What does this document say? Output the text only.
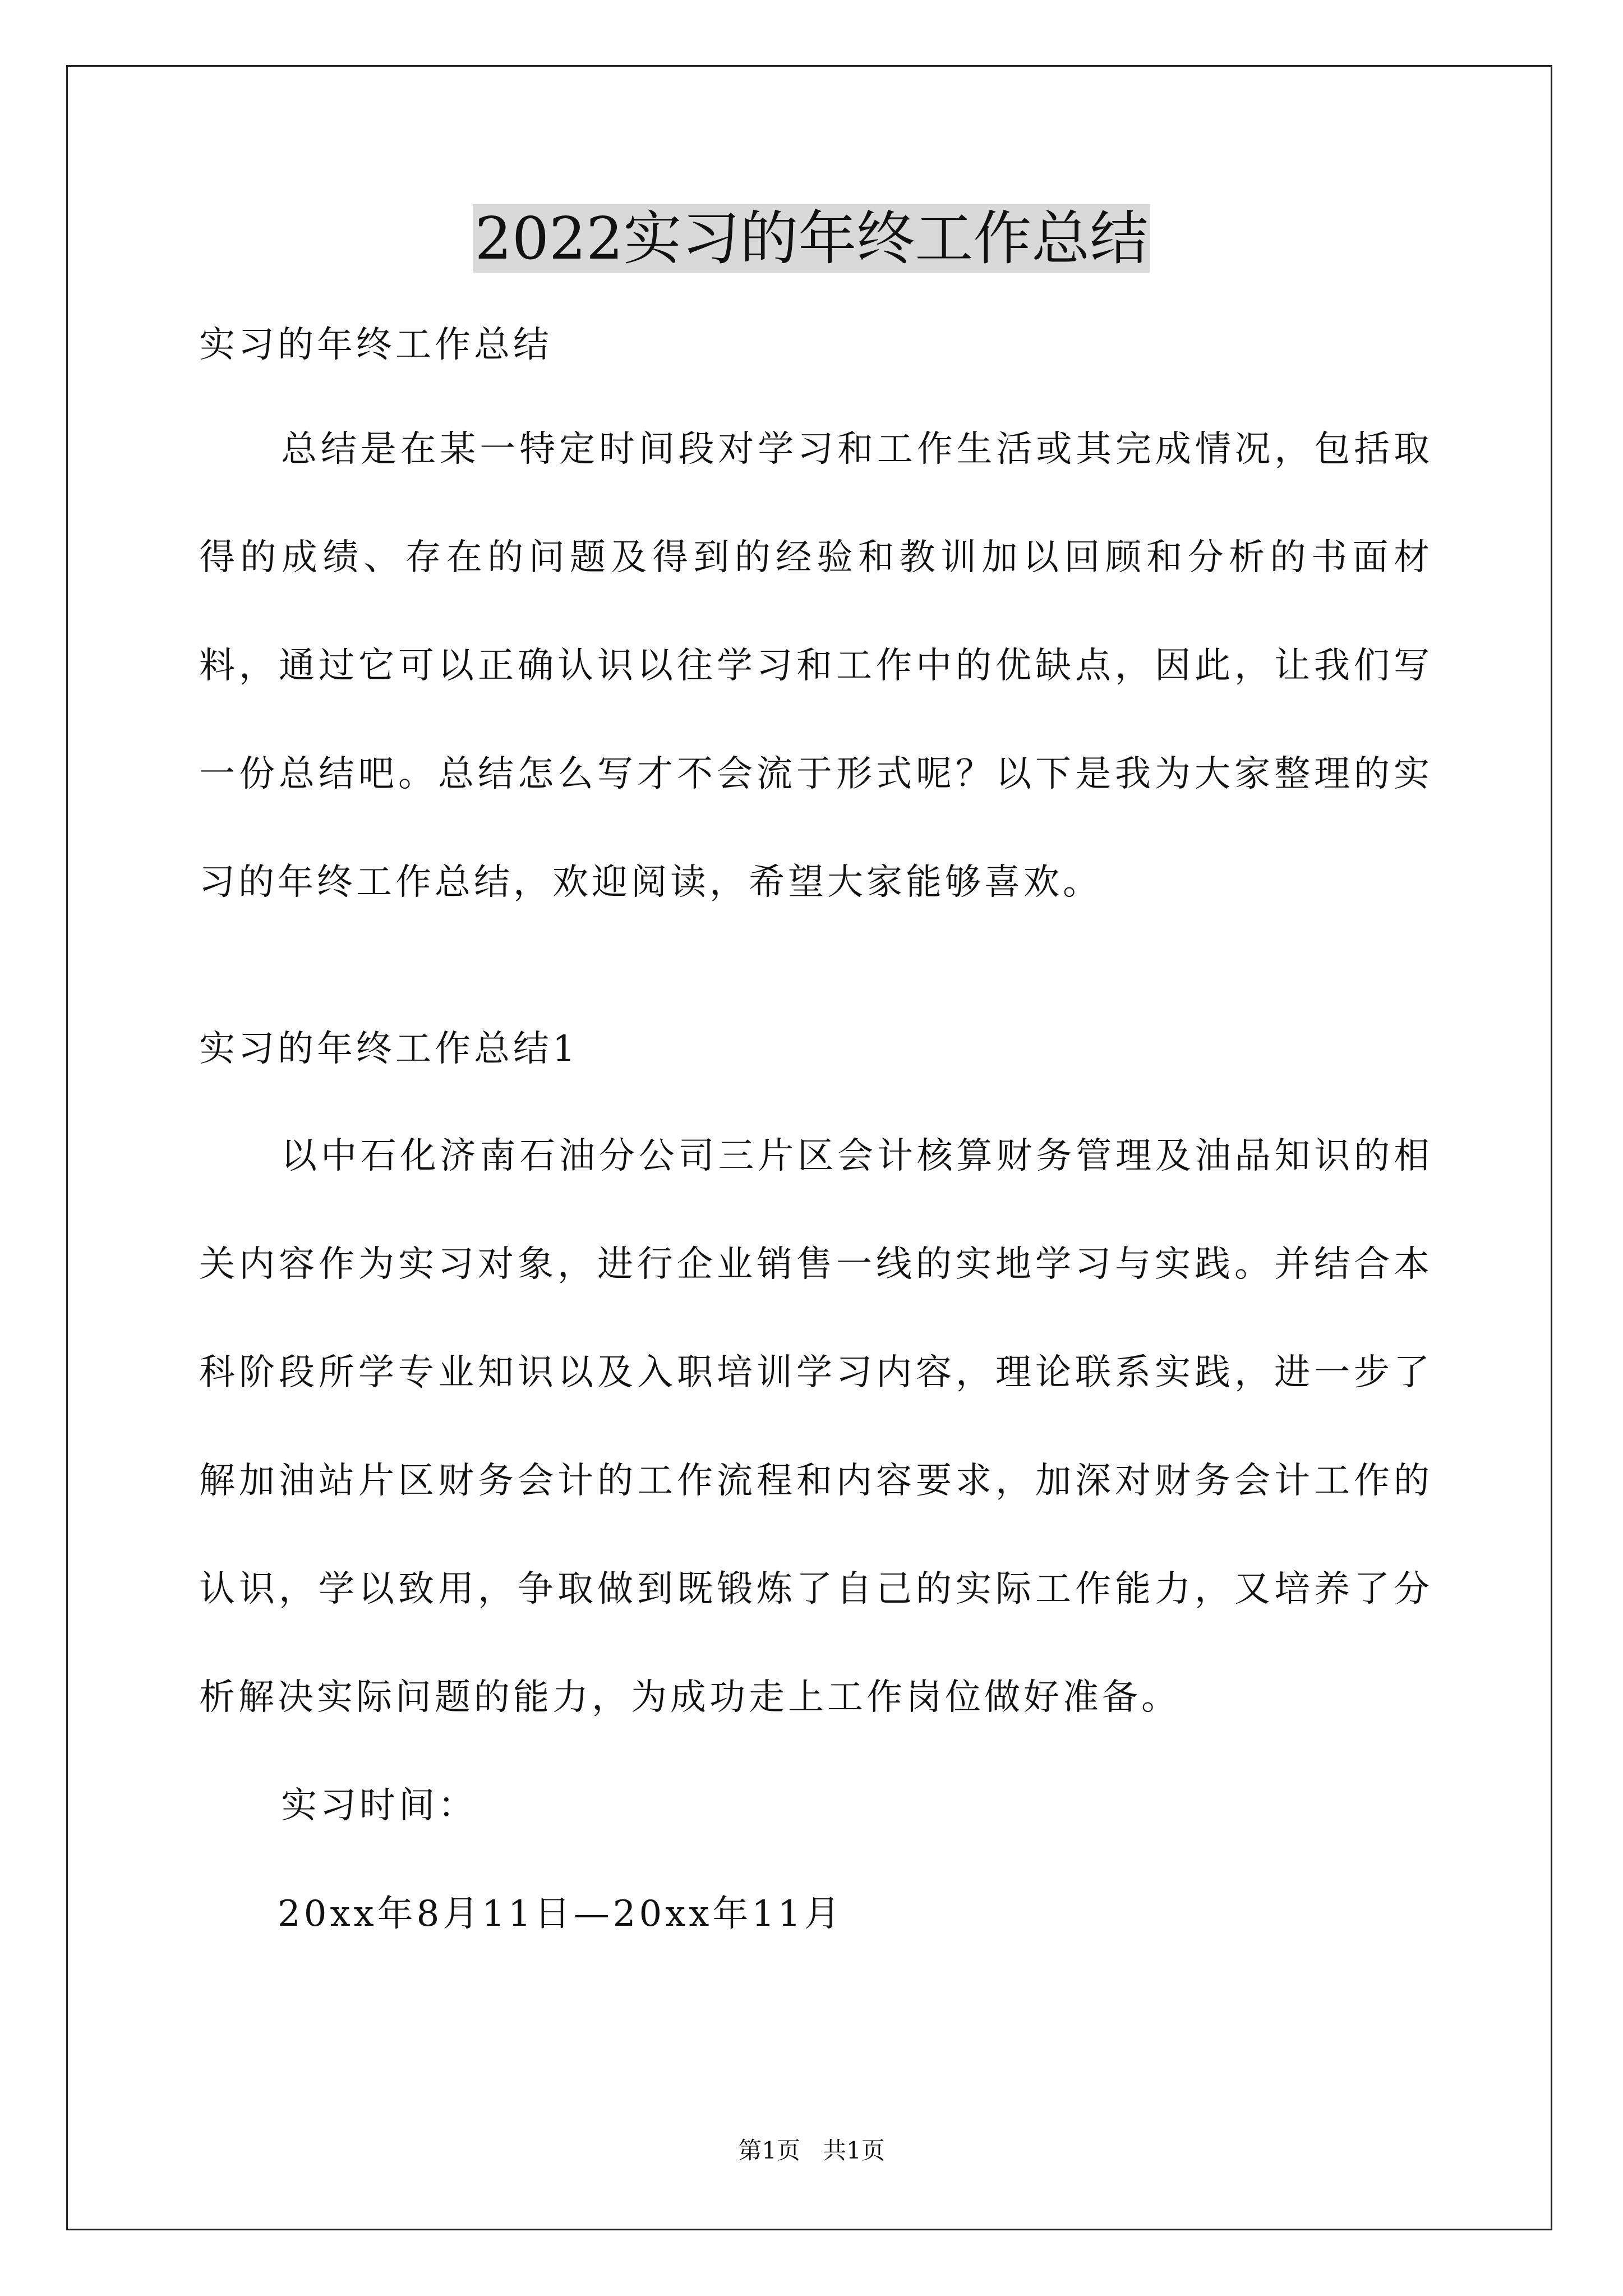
2022实习的年终工作总结

实习的年终工作总结

总结是在某一特定时间段对学习和工作生活或其完成情况，包括取得的成绩、存在的问题及得到的经验和教训加以回顾和分析的书面材料，通过它可以正确认识以往学习和工作中的优缺点，因此，让我们写一份总结吧。总结怎么写才不会流于形式呢？以下是我为大家整理的实习的年终工作总结，欢迎阅读，希望大家能够喜欢。

实习的年终工作总结1

以中石化济南石油分公司三片区会计核算财务管理及油品知识的相关内容作为实习对象，进行企业销售一线的实地学习与实践。并结合本科阶段所学专业知识以及入职培训学习内容，理论联系实践，进一步了解加油站片区财务会计的工作流程和内容要求，加深对财务会计工作的认识，学以致用，争取做到既锻炼了自己的实际工作能力，又培养了分析解决实际问题的能力，为成功走上工作岗位做好准备。

实习时间：

20xx年8月11日—20xx年11月

第1页 共1页
